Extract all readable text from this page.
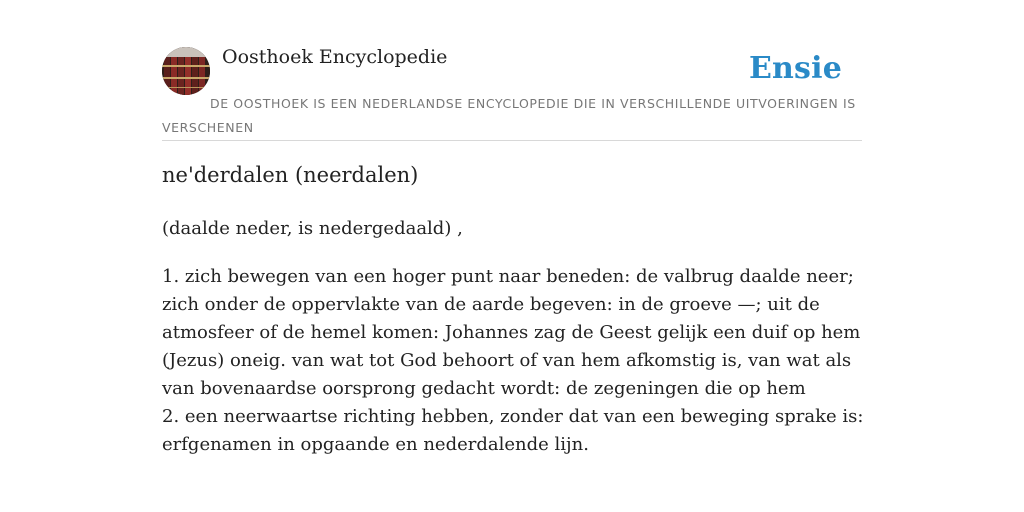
Oosthoek Encyclopedie	Ensie
DE OOSTHOEK IS EEN NEDERLANDSE ENCYCLOPEDIE DIE IN VERSCHILLENDE UITVOERINGEN IS VERSCHENEN
ne'derdalen (neerdalen)
(daalde neder, is nedergedaald) ,

1. zich bewegen van een hoger punt naar beneden: de valbrug daalde neer; zich onder de oppervlakte van de aarde begeven: in de groeve —; uit de atmosfeer of de hemel komen: Johannes zag de Geest gelijk een duif op hem (Jezus) oneig. van wat tot God behoort of van hem afkomstig is, van wat als van bovenaardse oorsprong gedacht wordt: de zegeningen die op hem

2. een neerwaartse richting hebben, zonder dat van een beweging sprake is: erfgenamen in opgaande en nederdalende lijn.
